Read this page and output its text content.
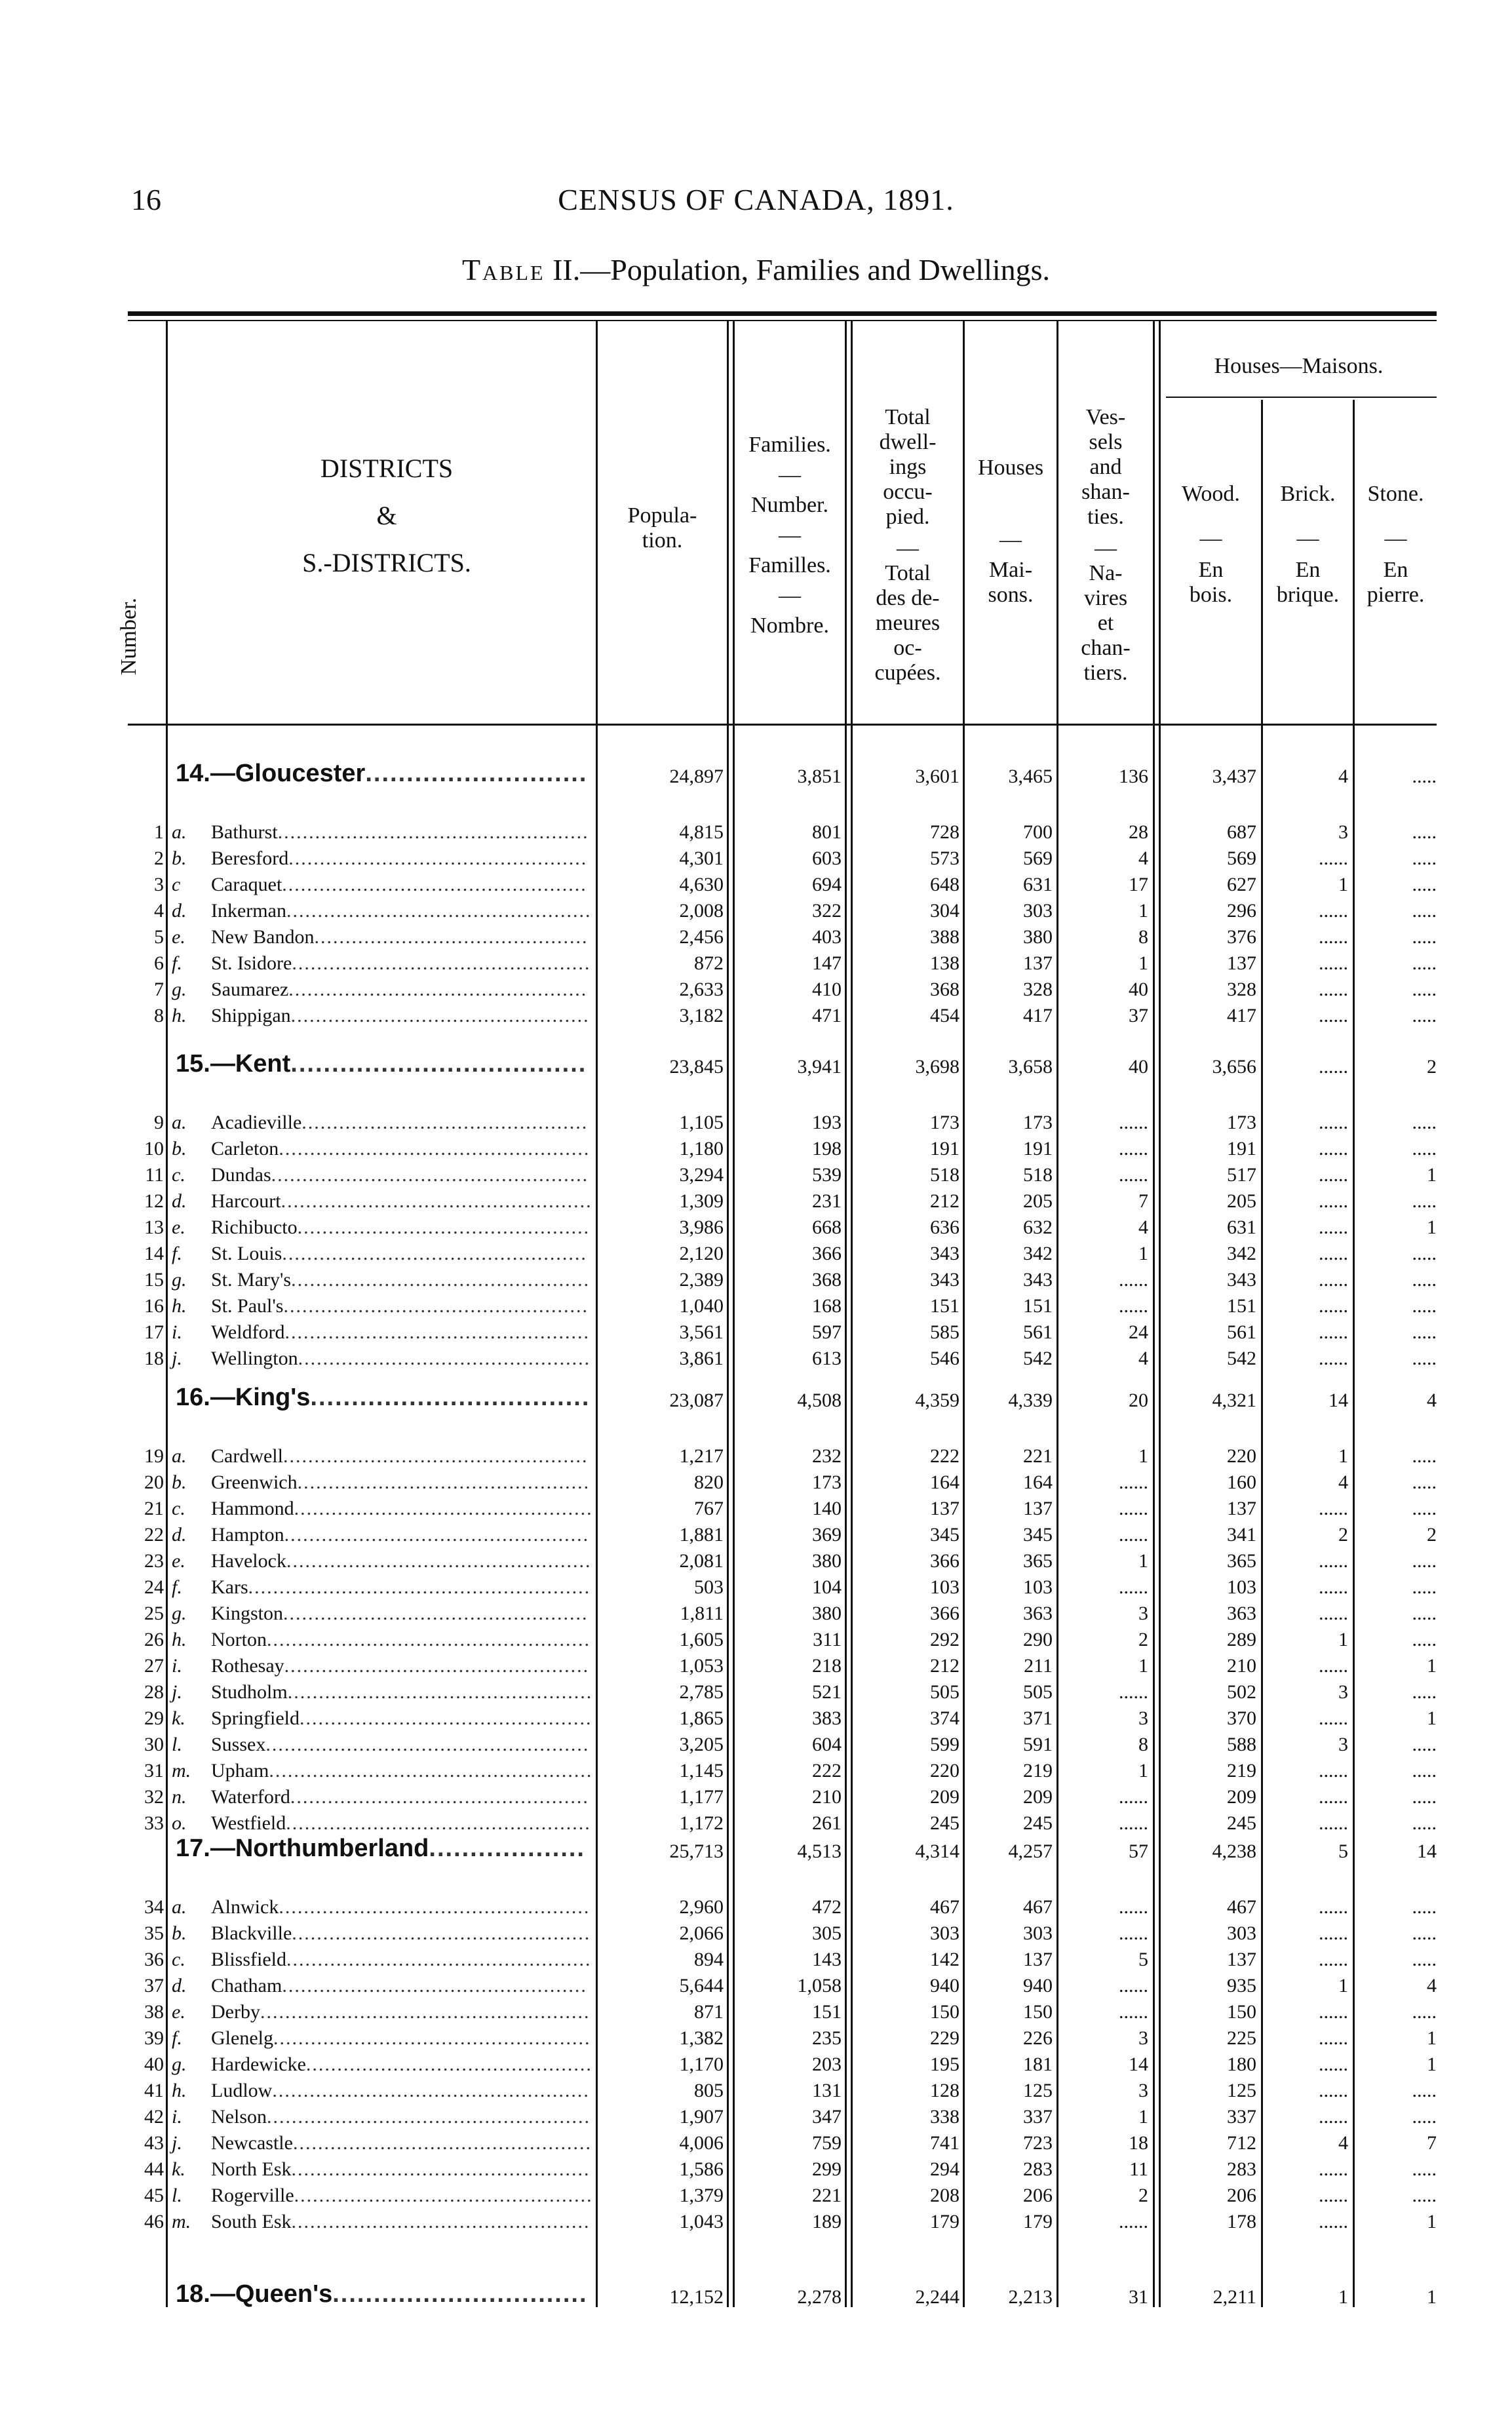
16	CENSUS OF CANADA, 1891.
Table II.—Population, Families and Dwellings.
Number.
DISTRICTS
&
S.-DISTRICTS.
Popula-
tion.
Families.
—
Number.
—
Familles.
—
Nombre.
Total
dwell-
ings
occu-
pied.
—
Total
des de-
meures
oc-
cupées.
Houses
—
Mai-
sons.
Ves-
sels
and
shan-
ties.
—
Na-
vires
et
chan-
tiers.
Houses—Maisons.
Wood.
—
En
bois.
Brick.
—
En
brique.
Stone.
—
En
pierre.
14.—Gloucester...........................	24,897	3,851	3,601	3,465	136	3,437	4	.....
1 a. Bathurst..................................................	4,815	801	728	700	28	687	3	.....
2 b. Beresford................................................	4,301	603	573	569	4	569	......	.....
3 c Caraquet.................................................	4,630	694	648	631	17	627	1	.....
4 d. Inkerman.................................................	2,008	322	304	303	1	296	......	.....
5 e. New Bandon............................................	2,456	403	388	380	8	376	......	.....
6 f. St. Isidore................................................	872	147	138	137	1	137	......	.....
7 g. Saumarez................................................	2,633	410	368	328	40	328	......	.....
8 h. Shippigan................................................	3,182	471	454	417	37	417	......	.....
15.—Kent....................................	23,845	3,941	3,698	3,658	40	3,656	......	2
9 a. Acadieville..............................................	1,105	193	173	173	......	173	......	.....
10 b. Carleton..................................................	1,180	198	191	191	......	191	......	.....
11 c. Dundas...................................................	3,294	539	518	518	......	517	......	1
12 d. Harcourt..................................................	1,309	231	212	205	7	205	......	.....
13 e. Richibucto...............................................	3,986	668	636	632	4	631	......	1
14 f. St. Louis.................................................	2,120	366	343	342	1	342	......	.....
15 g. St. Mary's................................................	2,389	368	343	343	......	343	......	.....
16 h. St. Paul's.................................................	1,040	168	151	151	......	151	......	.....
17 i. Weldford.................................................	3,561	597	585	561	24	561	......	.....
18 j. Wellington...............................................	3,861	613	546	542	4	542	......	.....
16.—King's..................................	23,087	4,508	4,359	4,339	20	4,321	14	4
19 a. Cardwell.................................................	1,217	232	222	221	1	220	1	.....
20 b. Greenwich...............................................	820	173	164	164	......	160	4	.....
21 c. Hammond................................................	767	140	137	137	......	137	......	.....
22 d. Hampton.................................................	1,881	369	345	345	......	341	2	2
23 e. Havelock.................................................	2,081	380	366	365	1	365	......	.....
24 f. Kars.......................................................	503	104	103	103	......	103	......	.....
25 g. Kingston.................................................	1,811	380	366	363	3	363	......	.....
26 h. Norton....................................................	1,605	311	292	290	2	289	1	.....
27 i. Rothesay.................................................	1,053	218	212	211	1	210	......	1
28 j. Studholm.................................................	2,785	521	505	505	......	502	3	.....
29 k. Springfield...............................................	1,865	383	374	371	3	370	......	1
30 l. Sussex....................................................	3,205	604	599	591	8	588	3	.....
31 m. Upham....................................................	1,145	222	220	219	1	219	......	.....
32 n. Waterford................................................	1,177	210	209	209	......	209	......	.....
33 o. Westfield.................................................	1,172	261	245	245	......	245	......	.....
17.—Northumberland...................	25,713	4,513	4,314	4,257	57	4,238	5	14
34 a. Alnwick..................................................	2,960	472	467	467	......	467	......	.....
35 b. Blackville................................................	2,066	305	303	303	......	303	......	.....
36 c. Blissfield.................................................	894	143	142	137	5	137	......	.....
37 d. Chatham.................................................	5,644	1,058	940	940	......	935	1	4
38 e. Derby.....................................................	871	151	150	150	......	150	......	.....
39 f. Glenelg...................................................	1,382	235	229	226	3	225	......	1
40 g. Hardewicke..............................................	1,170	203	195	181	14	180	......	1
41 h. Ludlow...................................................	805	131	128	125	3	125	......	.....
42 i. Nelson....................................................	1,907	347	338	337	1	337	......	.....
43 j. Newcastle................................................	4,006	759	741	723	18	712	4	7
44 k. North Esk................................................	1,586	299	294	283	11	283	......	.....
45 l. Rogerville................................................	1,379	221	208	206	2	206	......	.....
46 m. South Esk................................................	1,043	189	179	179	......	178	......	1
18.—Queen's...............................	12,152	2,278	2,244	2,213	31	2,211	1	1
